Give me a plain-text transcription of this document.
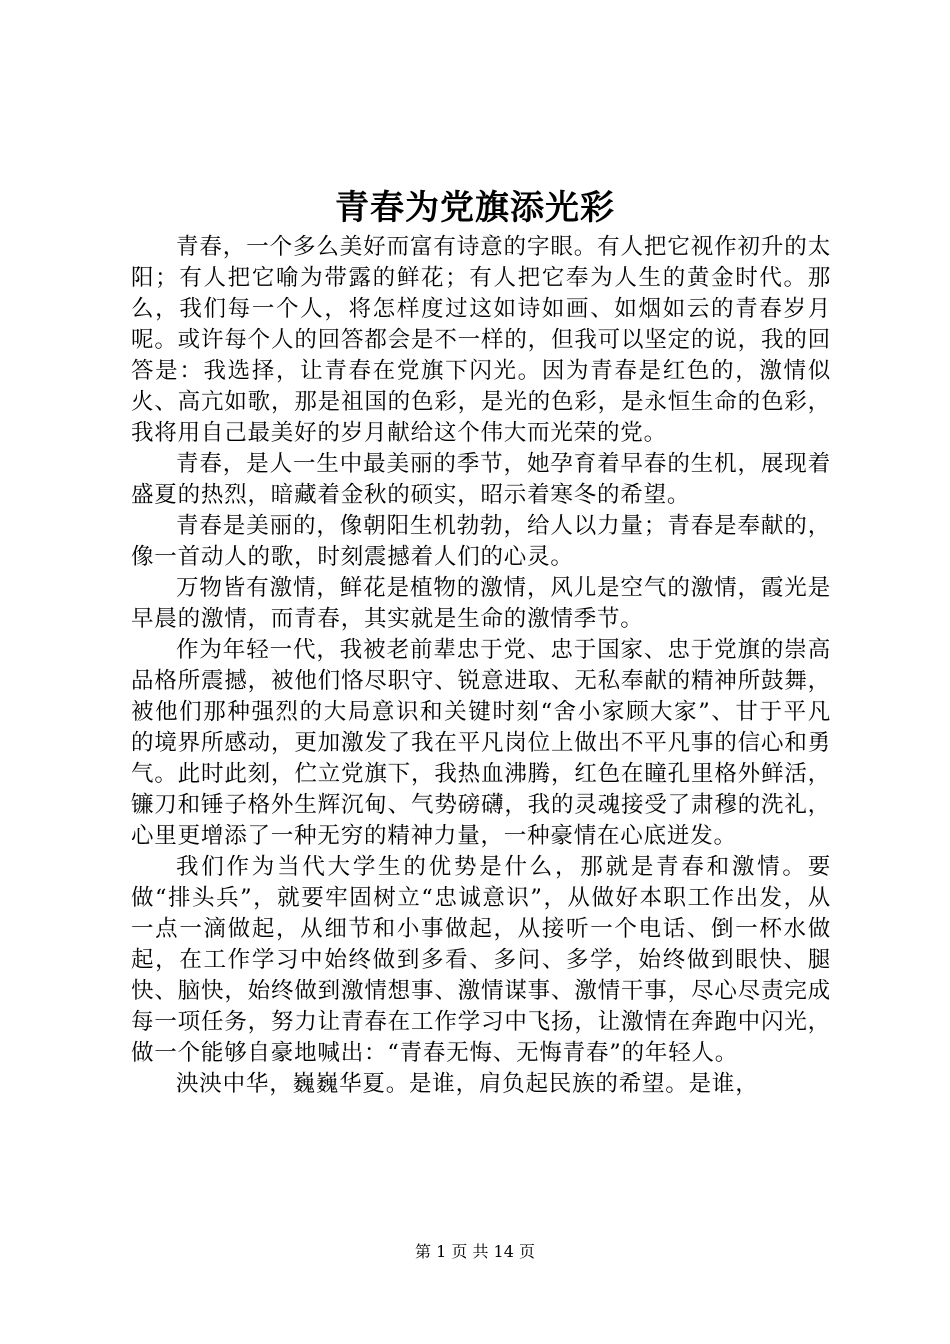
青春为党旗添光彩

青春，一个多么美好而富有诗意的字眼。有人把它视作初升的太阳；有人把它喻为带露的鲜花；有人把它奉为人生的黄金时代。那么，我们每一个人，将怎样度过这如诗如画、如烟如云的青春岁月呢。或许每个人的回答都会是不一样的，但我可以坚定的说，我的回答是：我选择，让青春在党旗下闪光。因为青春是红色的，激情似火、高亢如歌，那是祖国的色彩，是光的色彩，是永恒生命的色彩，我将用自己最美好的岁月献给这个伟大而光荣的党。

青春，是人一生中最美丽的季节，她孕育着早春的生机，展现着盛夏的热烈，暗藏着金秋的硕实，昭示着寒冬的希望。

青春是美丽的，像朝阳生机勃勃，给人以力量；青春是奉献的，像一首动人的歌，时刻震撼着人们的心灵。

万物皆有激情，鲜花是植物的激情，风儿是空气的激情，霞光是早晨的激情，而青春，其实就是生命的激情季节。

作为年轻一代，我被老前辈忠于党、忠于国家、忠于党旗的崇高品格所震撼，被他们恪尽职守、锐意进取、无私奉献的精神所鼓舞，被他们那种强烈的大局意识和关键时刻“舍小家顾大家”、甘于平凡的境界所感动，更加激发了我在平凡岗位上做出不平凡事的信心和勇气。此时此刻，伫立党旗下，我热血沸腾，红色在瞳孔里格外鲜活，镰刀和锤子格外生辉沉甸、气势磅礴，我的灵魂接受了肃穆的洗礼，心里更增添了一种无穷的精神力量，一种豪情在心底迸发。

我们作为当代大学生的优势是什么，那就是青春和激情。要做“排头兵”，就要牢固树立“忠诚意识”，从做好本职工作出发，从一点一滴做起，从细节和小事做起，从接听一个电话、倒一杯水做起，在工作学习中始终做到多看、多问、多学，始终做到眼快、腿快、脑快，始终做到激情想事、激情谋事、激情干事，尽心尽责完成每一项任务，努力让青春在工作学习中飞扬，让激情在奔跑中闪光，做一个能够自豪地喊出：“青春无悔、无悔青春”的年轻人。

泱泱中华，巍巍华夏。是谁，肩负起民族的希望。是谁，

第 1 页 共 14 页
